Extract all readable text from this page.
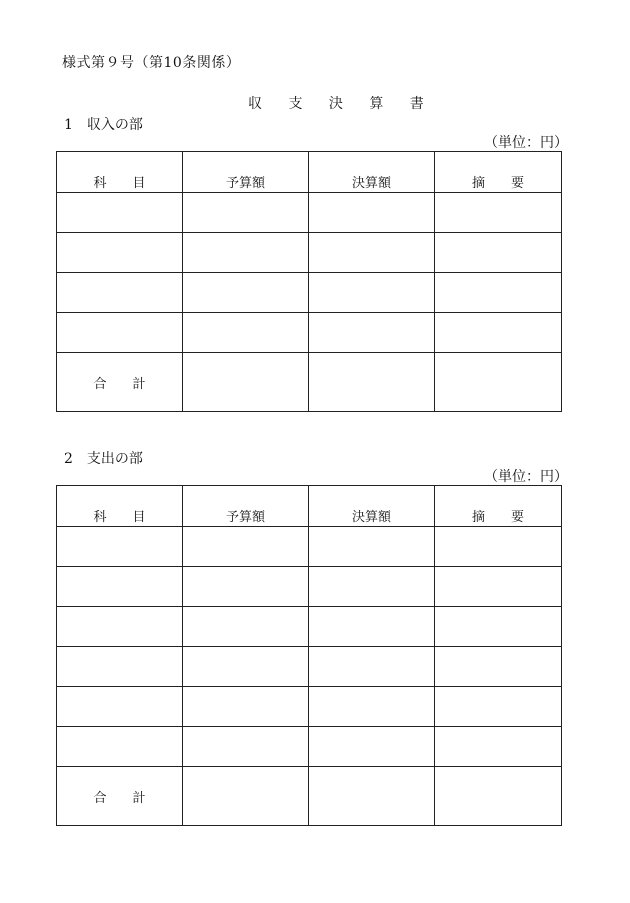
様式第９号（第10条関係）
収 支 決 算 書
1　収入の部
（単位：円）
科　　目	予算額	決算額	摘　　要

合　　計			
2　支出の部
（単位：円）
科　　目	予算額	決算額	摘　　要

合　　計			
